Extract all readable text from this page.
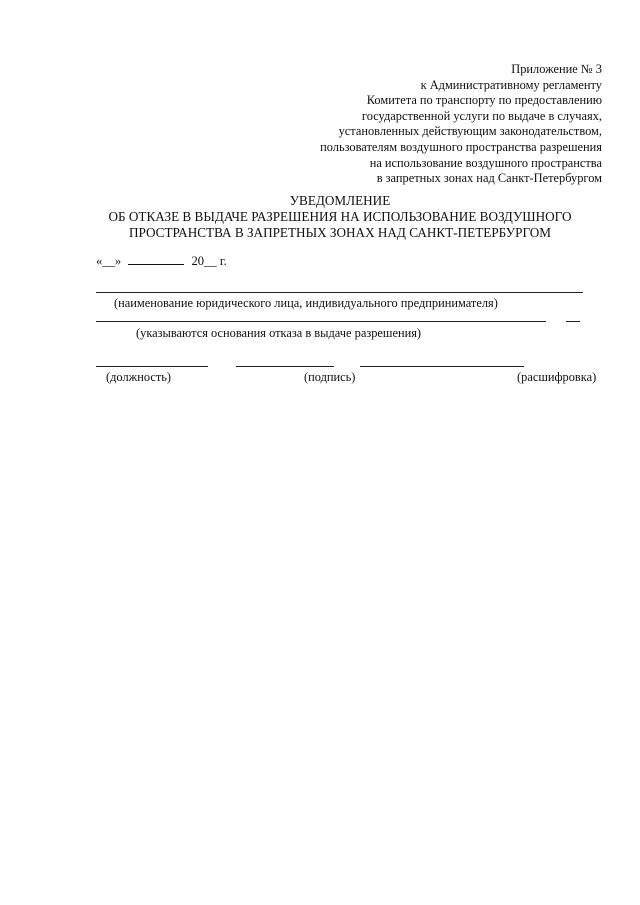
Приложение № 3
к Административному регламенту
Комитета по транспорту по предоставлению
государственной услуги по выдаче в случаях,
установленных действующим законодательством,
пользователям воздушного пространства разрешения
на использование воздушного пространства
в запретных зонах над Санкт-Петербургом
УВЕДОМЛЕНИЕ
ОБ ОТКАЗЕ В ВЫДАЧЕ РАЗРЕШЕНИЯ НА ИСПОЛЬЗОВАНИЕ ВОЗДУШНОГО
ПРОСТРАНСТВА В ЗАПРЕТНЫХ ЗОНАХ НАД САНКТ-ПЕТЕРБУРГОМ
«__»	20__ г.
(наименование юридического лица, индивидуального предпринимателя)
(указываются основания отказа в выдаче разрешения)
(должность)	(подпись)	(расшифровка)
